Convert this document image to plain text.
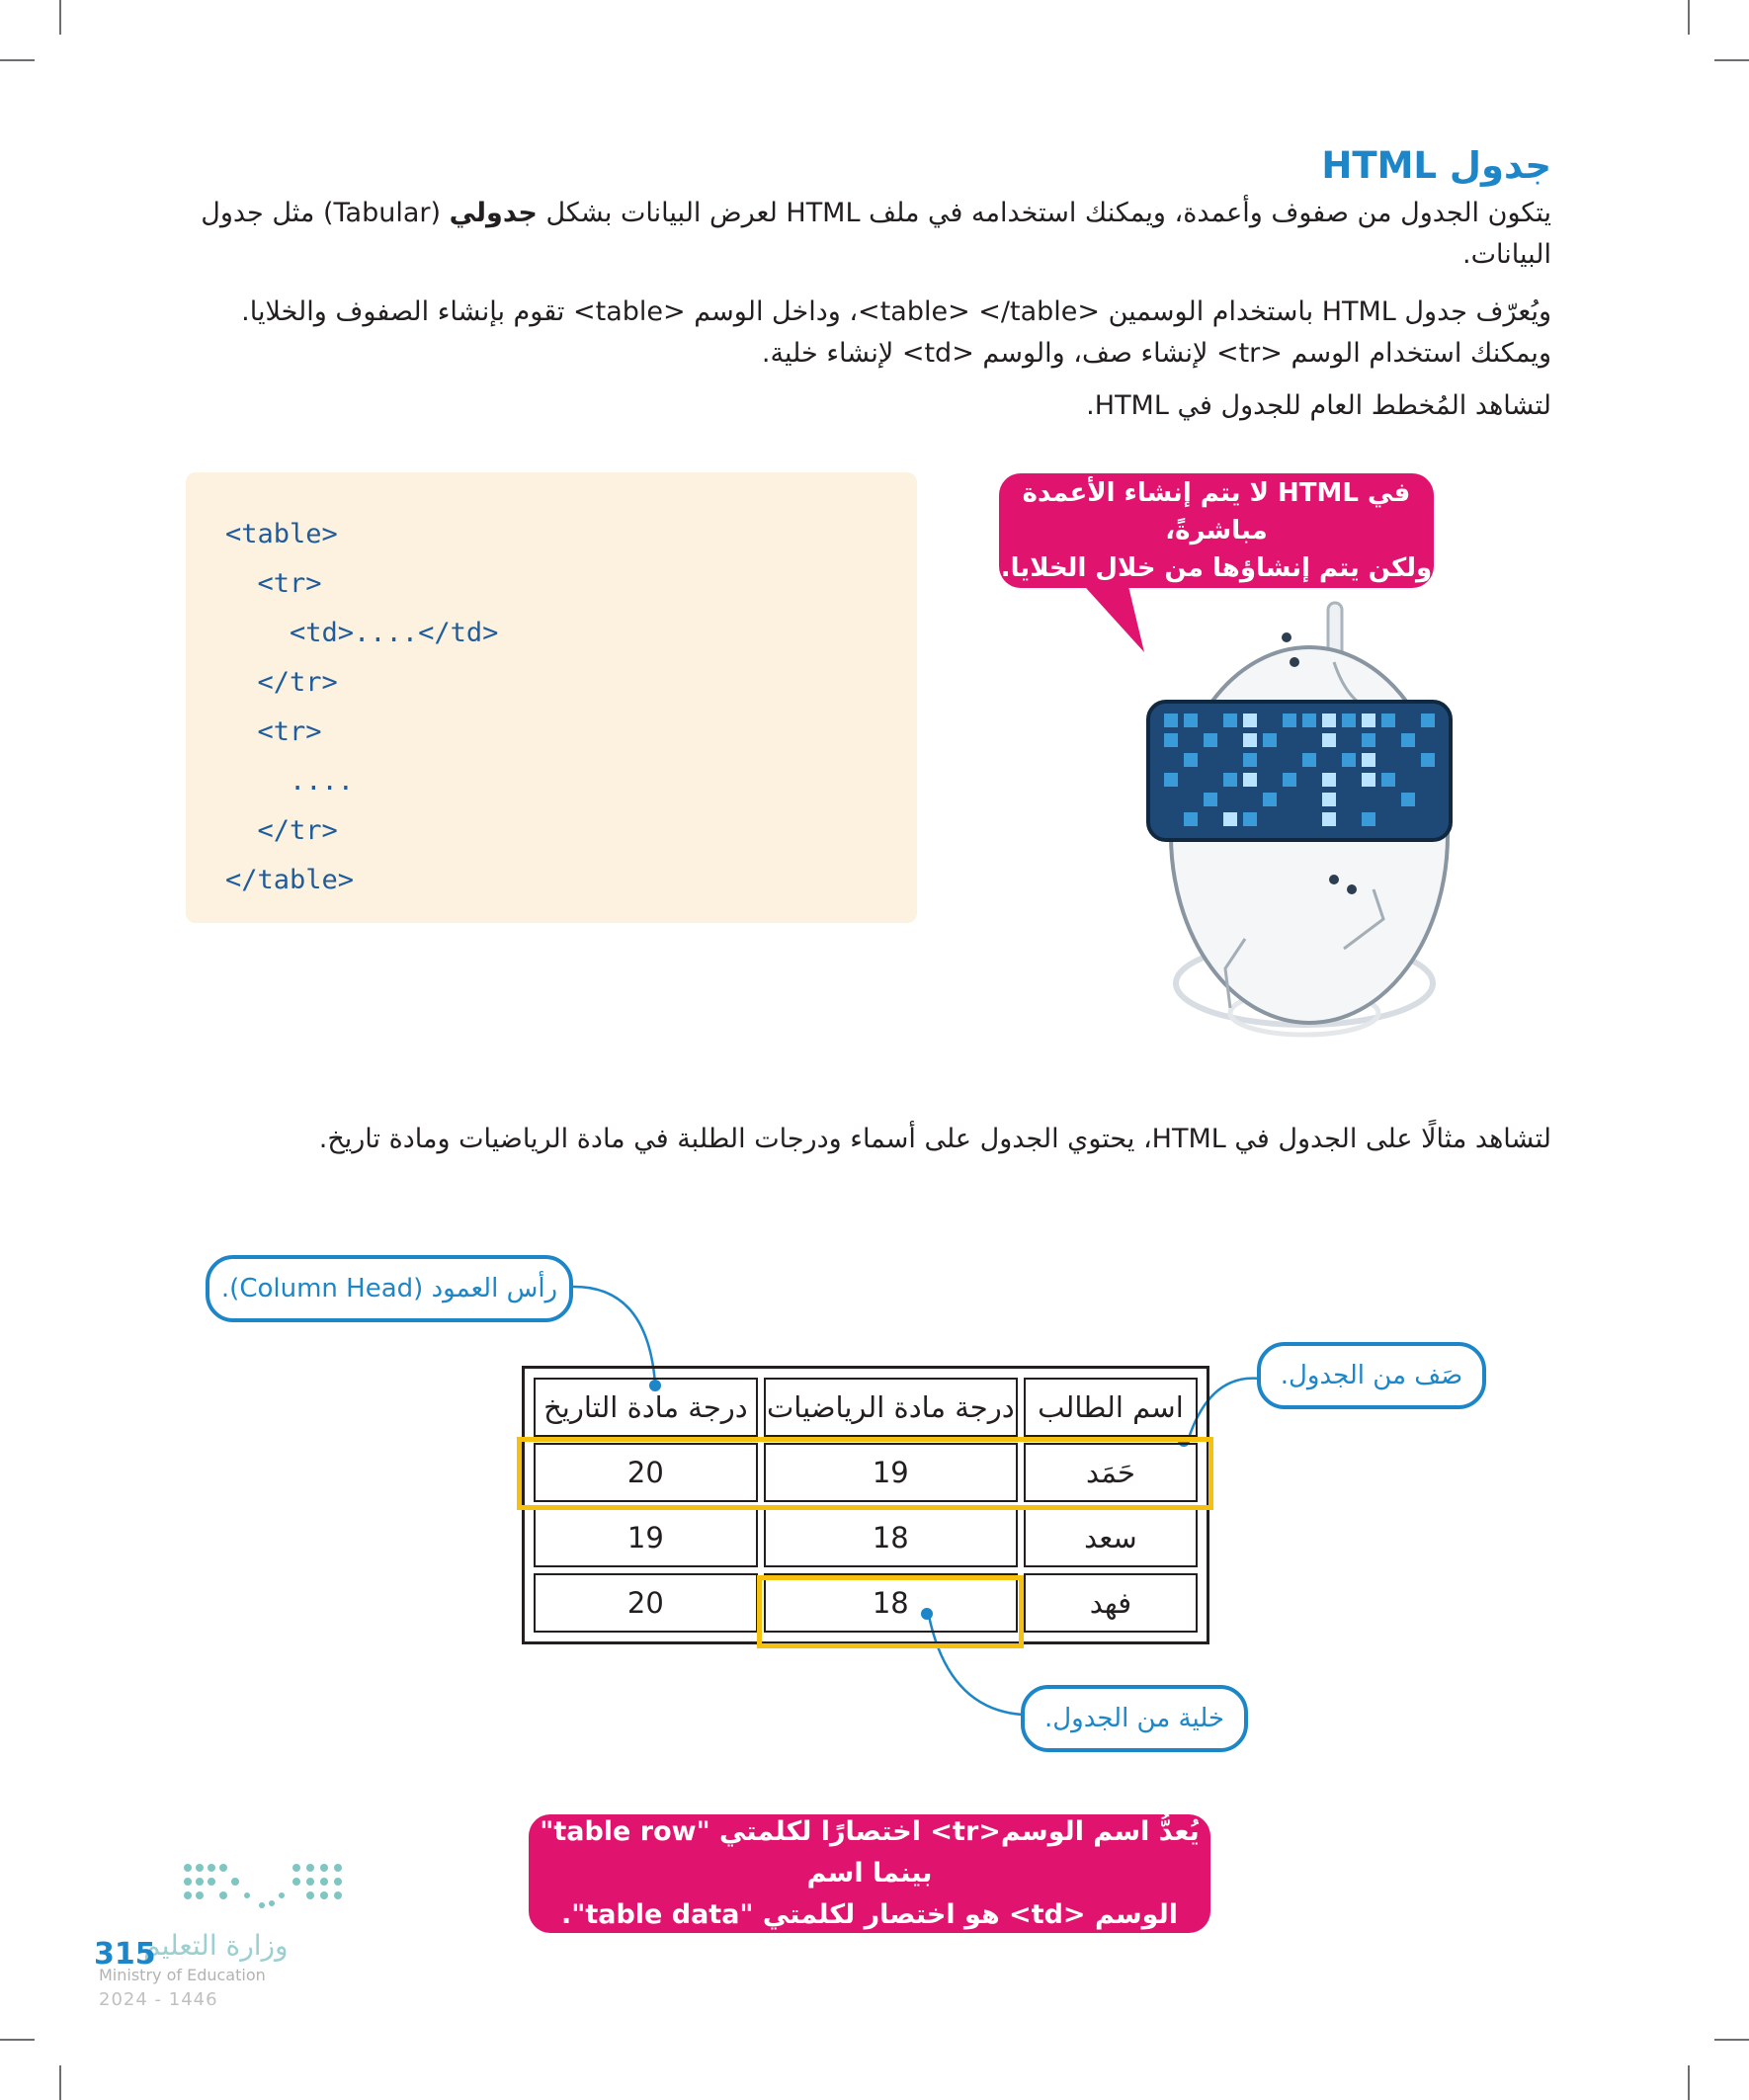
جدول HTML

يتكون الجدول من صفوف وأعمدة، ويمكنك استخدامه في ملف HTML لعرض البيانات بشكل جدولي (Tabular) مثل جدول البيانات.

ويُعرّف جدول HTML باستخدام الوسمين <table> </table>، وداخل الوسم <table> تقوم بإنشاء الصفوف والخلايا. ويمكنك استخدام الوسم <tr> لإنشاء صف، والوسم <td> لإنشاء خلية.

لتشاهد المُخطط العام للجدول في HTML.

<table>
<tr>
<td>....</td>
</tr>
<tr>
....
</tr>
</table>
في HTML لا يتم إنشاء الأعمدة مباشرةً،
ولكن يتم إنشاؤها من خلال الخلايا.

لتشاهد مثالًا على الجدول في HTML، يحتوي الجدول على أسماء ودرجات الطلبة في مادة الرياضيات ومادة تاريخ.

رأس العمود (Column Head).
صَف من الجدول.
خلية من الجدول.
اسم الطالب	درجة مادة الرياضيات	درجة مادة التاريخ
حَمَد	19	20
سعد	18	19
فهد	18	20
يُعدُّ اسم الوسم<tr> اختصارًا لكلمتي "table row" بينما اسم
الوسم <td> هو اختصار لكلمتي "table data".
وزارة التعليم
315
Ministry of Education
2024 - 1446
